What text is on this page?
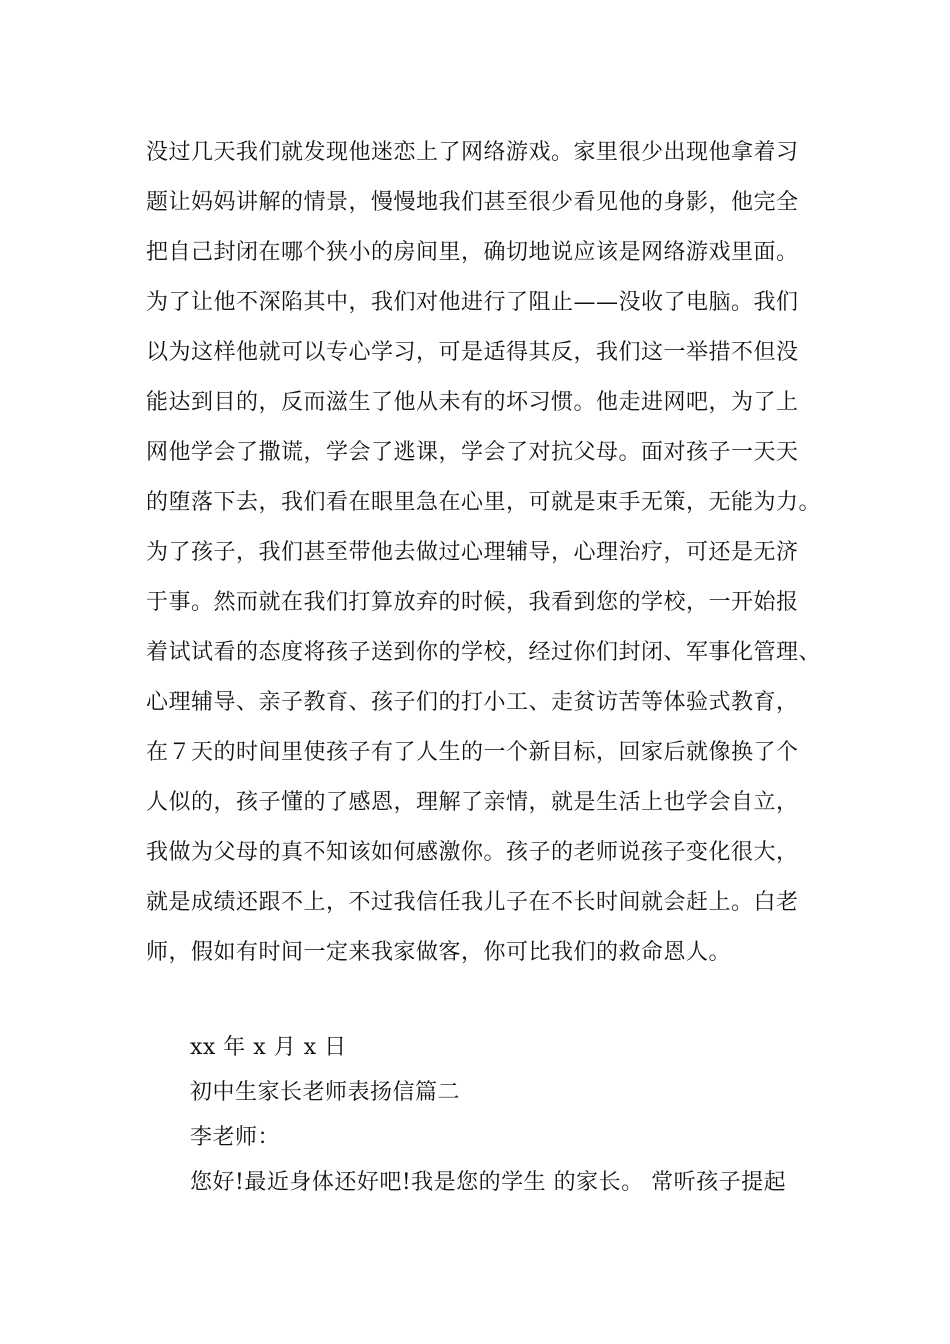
没过几天我们就发现他迷恋上了网络游戏。家里很少出现他拿着习
题让妈妈讲解的情景，慢慢地我们甚至很少看见他的身影，他完全
把自己封闭在哪个狭小的房间里，确切地说应该是网络游戏里面。
为了让他不深陷其中，我们对他进行了阻止——没收了电脑。我们
以为这样他就可以专心学习，可是适得其反，我们这一举措不但没
能达到目的，反而滋生了他从未有的坏习惯。他走进网吧，为了上
网他学会了撒谎，学会了逃课，学会了对抗父母。面对孩子一天天
的堕落下去，我们看在眼里急在心里，可就是束手无策，无能为力。
为了孩子，我们甚至带他去做过心理辅导，心理治疗，可还是无济
于事。然而就在我们打算放弃的时候，我看到您的学校，一开始报
着试试看的态度将孩子送到你的学校，经过你们封闭、军事化管理、
心理辅导、亲子教育、孩子们的打小工、走贫访苦等体验式教育，
在７天的时间里使孩子有了人生的一个新目标，回家后就像换了个
人似的，孩子懂的了感恩，理解了亲情，就是生活上也学会自立，
我做为父母的真不知该如何感激你。孩子的老师说孩子变化很大，
就是成绩还跟不上，不过我信任我儿子在不长时间就会赶上。白老
师，假如有时间一定来我家做客，你可比我们的救命恩人。
xx 年 x 月 x 日
初中生家长老师表扬信篇二
李老师：
您好!最近身体还好吧!我是您的学生 的家长。 常听孩子提起
